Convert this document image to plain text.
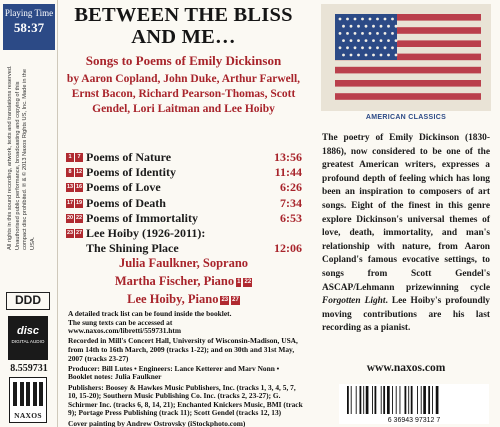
Playing Time
58:37

All rights in this sound recording, artwork, texts and translations reserved. Unauthorised public performance, broadcasting and copying of this compact disc prohibited. ℗ & © 2013 Naxos Rights US, Inc. Made in the USA.

DDD
disc
DIGITAL AUDIO
8.559731
NAXOS
BETWEEN THE BLISS AND ME…
Songs to Poems of Emily Dickinson
by Aaron Copland, John Duke, Arthur Farwell, Ernst Bacon, Richard Pearson-Thomas, Scott Gendel, Lori Laitman and Lee Hoiby
1	7 Poems of Nature	13:56
8 12 Poems of Identity	11:44
13 16 Poems of Love	6:26
17 19 Poems of Death	7:34
20 22 Poems of Immortality	6:53
23 27 Lee Hoiby (1926-2011):
The Shining Place	12:06
Julia Faulkner, Soprano
Martha Fischer, Piano 1 22
Lee Hoiby, Piano 23 27

A detailed track list can be found inside the booklet.
The sung texts can be accessed at
www.naxos.com/libretti/559731.htm

Recorded in Mill's Concert Hall, University of Wisconsin-Madison, USA, from 14th to 16th March, 2009 (tracks 1-22); and on 30th and 31st May, 2007 (tracks 23-27)

Producer: Bill Lutes • Engineers: Lance Ketterer and Marv Nonn • Booklet notes: Julia Faulkner

Publishers: Boosey & Hawkes Music Publishers, Inc. (tracks 1, 3, 4, 5, 7, 10, 15-20); Southern Music Publishing Co. Inc. (tracks 2, 23-27); G. Schirmer Inc. (tracks 6, 8, 14, 21); Enchanted Knickers Music, BMI (track 9); Portage Press Publishing (track 11); Scott Gendel (tracks 12, 13)

Cover painting by Andrew Ostrovsky (iStockphoto.com)

AMERICAN CLASSICS
The poetry of Emily Dickinson (1830-1886), now considered to be one of the greatest American writers, expresses a profound depth of feeling which has long been an inspiration to composers of art songs. Eight of the finest in this genre explore Dickinson's universal themes of love, death, immortality, and man's relationship with nature, from Aaron Copland's famous evocative settings, to songs from Scott Gendel's ASCAP/Lehmann prizewinning cycle Forgotten Light. Lee Hoiby's profoundly moving contributions are his last recording as a pianist.
www.naxos.com
6 36943 97312 7
